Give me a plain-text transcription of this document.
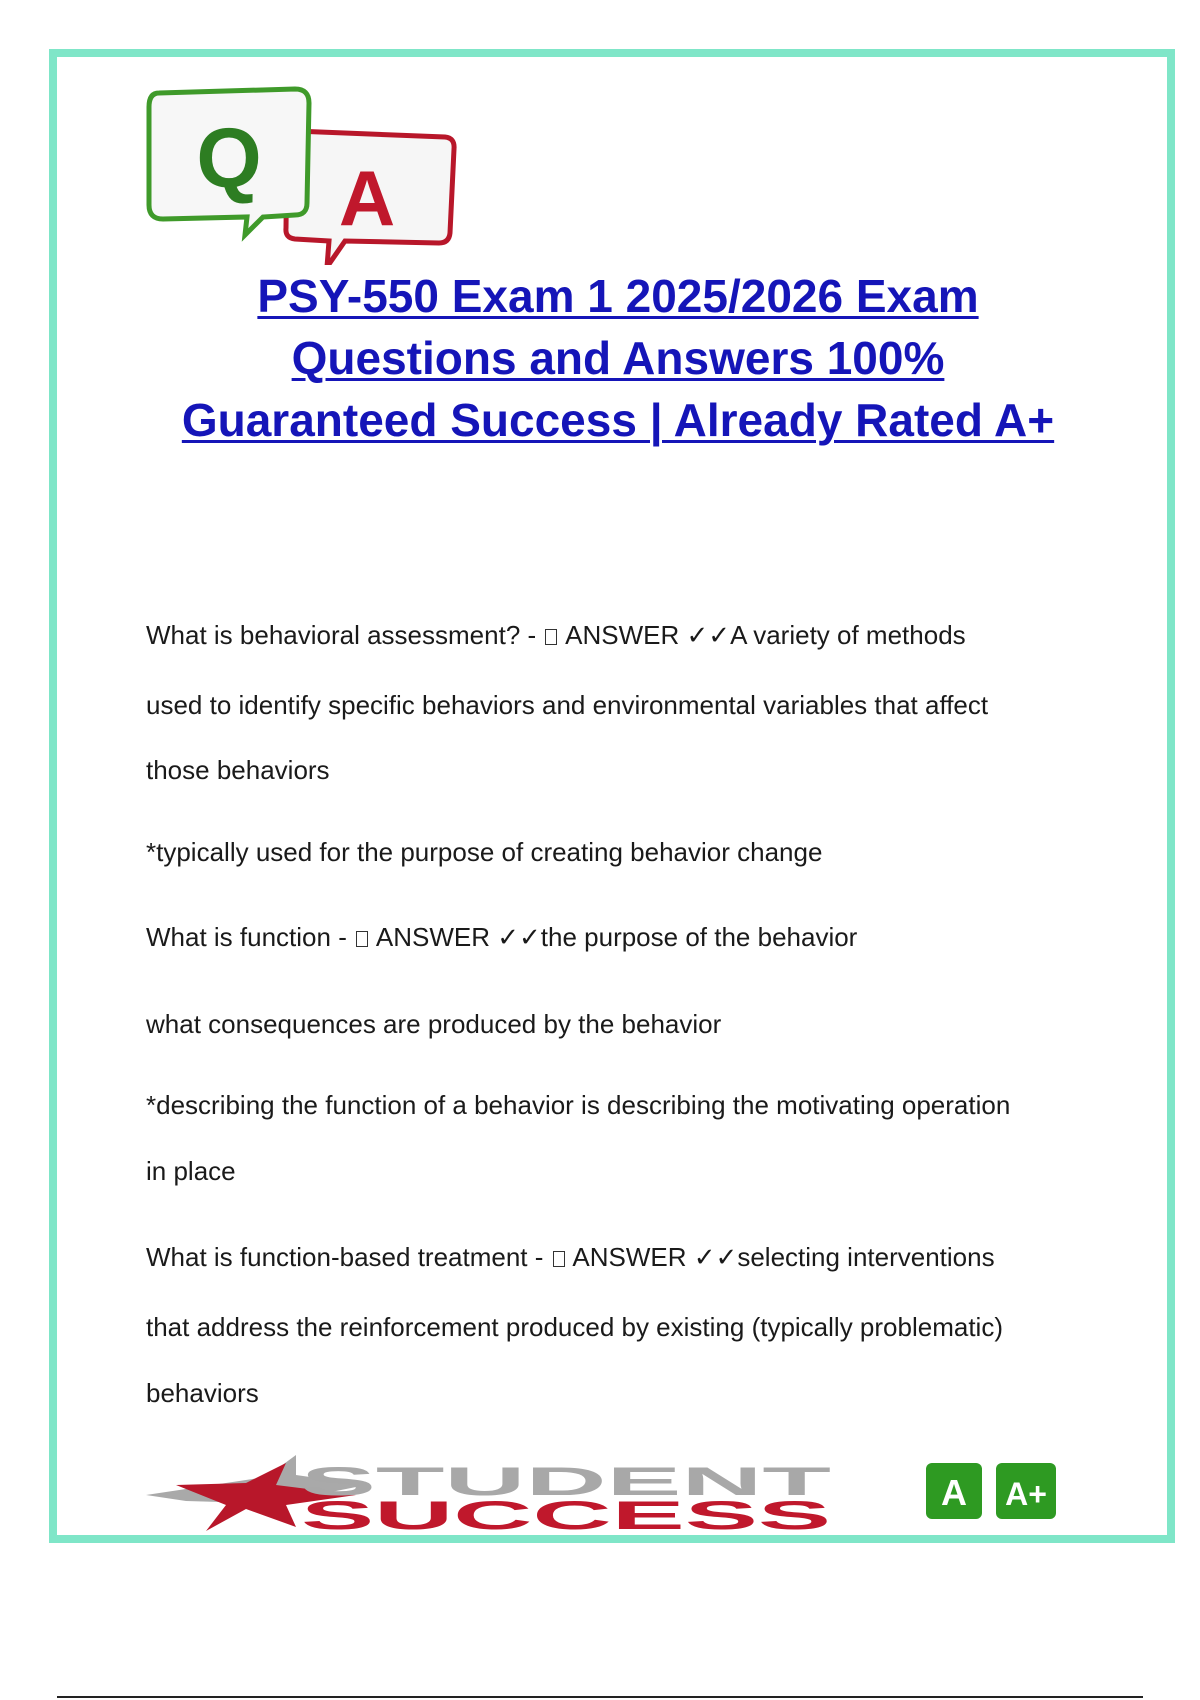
A
Q
PSY-550 Exam 1 2025/2026 Exam
Questions and Answers 100%
Guaranteed Success | Already Rated A+
What is behavioral assessment? -  ANSWER ✓✓A variety of methods
used to identify specific behaviors and environmental variables that affect
those behaviors
*typically used for the purpose of creating behavior change
What is function -  ANSWER ✓✓the purpose of the behavior
what consequences are produced by the behavior
*describing the function of a behavior is describing the motivating operation
in place
What is function-based treatment -  ANSWER ✓✓selecting interventions
that address the reinforcement produced by existing (typically problematic)
behaviors
STUDENT
SUCCESS
A A+
